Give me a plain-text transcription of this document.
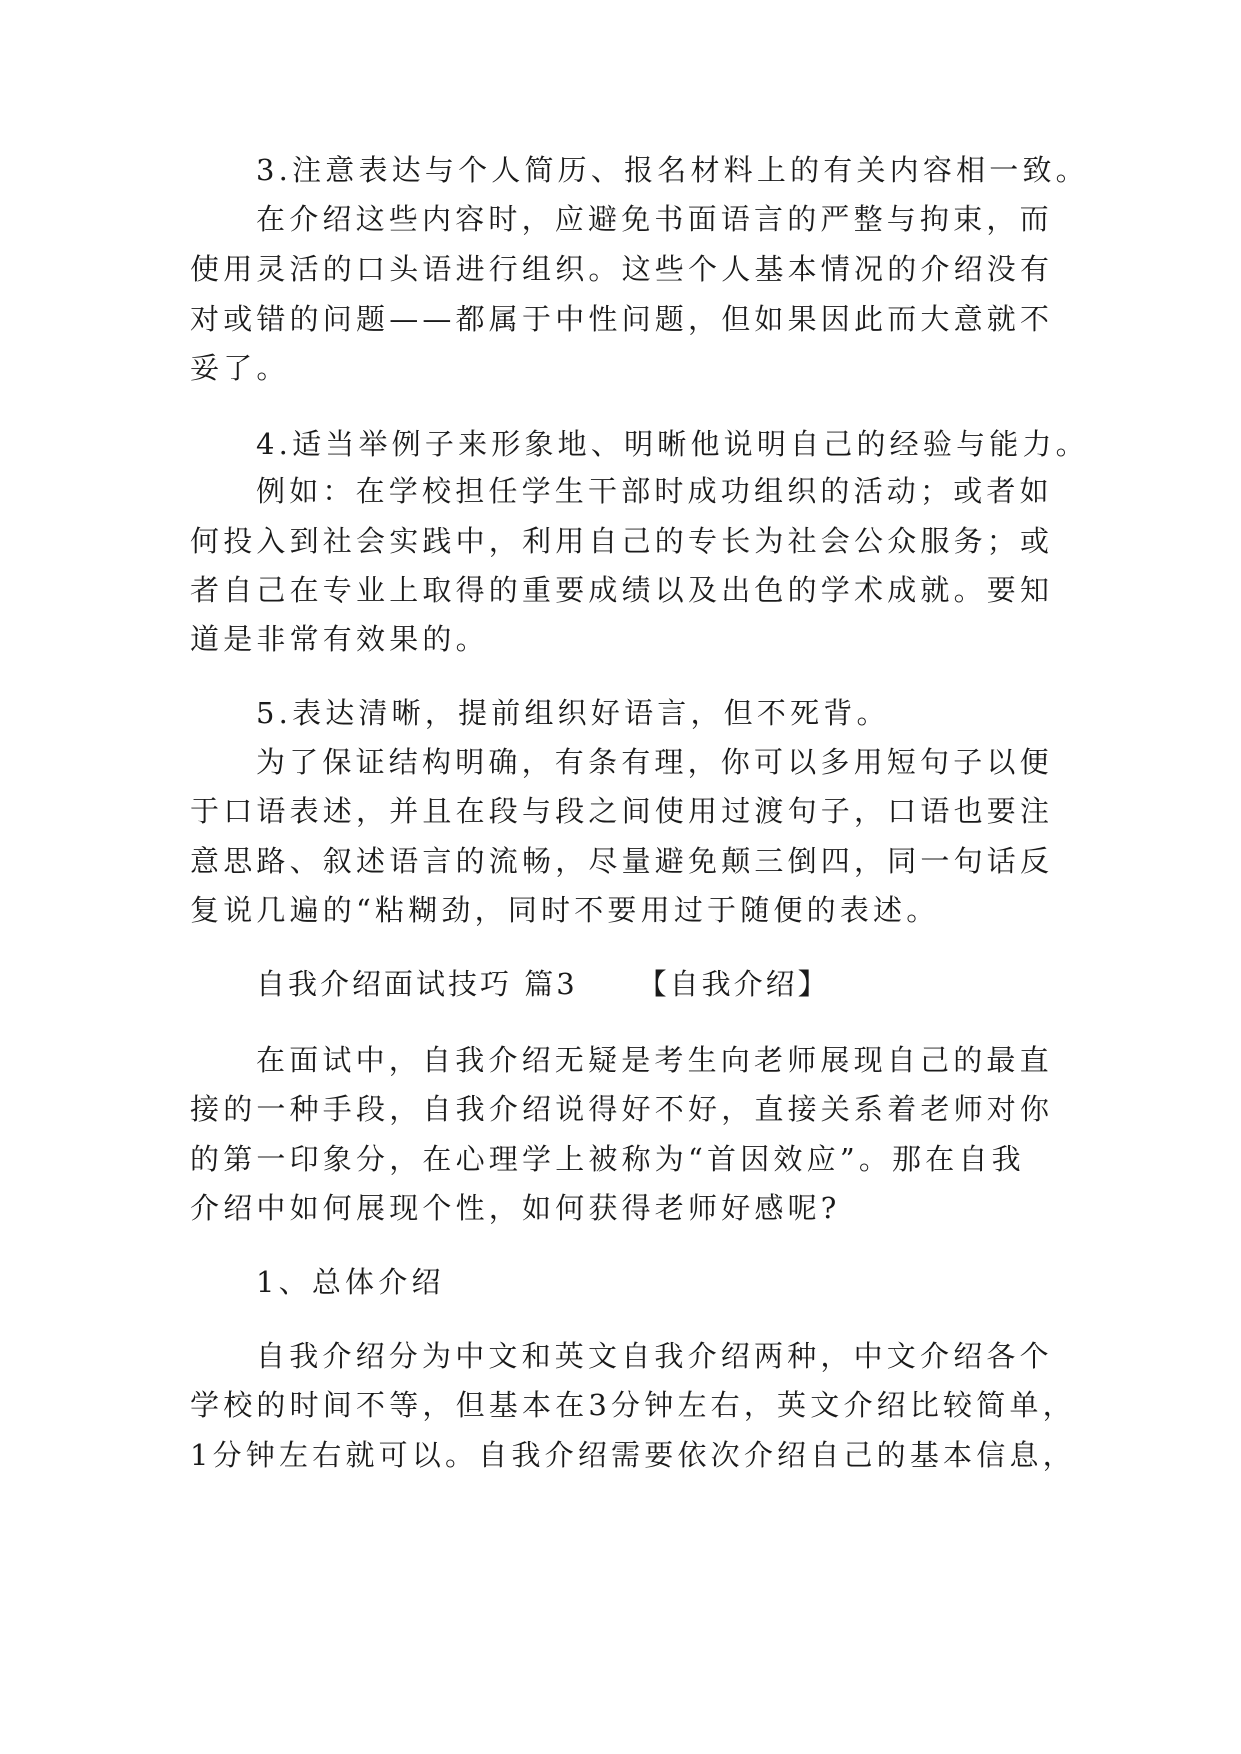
3.注意表达与个人简历、报名材料上的有关内容相一致。
在介绍这些内容时，应避免书面语言的严整与拘束，而
使用灵活的口头语进行组织。这些个人基本情况的介绍没有
对或错的问题——都属于中性问题，但如果因此而大意就不
妥了。
4.适当举例子来形象地、明晰他说明自己的经验与能力。
例如：在学校担任学生干部时成功组织的活动；或者如
何投入到社会实践中，利用自己的专长为社会公众服务；或
者自己在专业上取得的重要成绩以及出色的学术成就。要知
道是非常有效果的。
5.表达清晰，提前组织好语言，但不死背。
为了保证结构明确，有条有理，你可以多用短句子以便
于口语表述，并且在段与段之间使用过渡句子，口语也要注
意思路、叙述语言的流畅，尽量避免颠三倒四，同一句话反
复说几遍的“粘糊劲，同时不要用过于随便的表述。
自我介绍面试技巧 篇3 【自我介绍】
在面试中，自我介绍无疑是考生向老师展现自己的最直
接的一种手段，自我介绍说得好不好，直接关系着老师对你
的第一印象分，在心理学上被称为“首因效应”。那在自我
介绍中如何展现个性，如何获得老师好感呢?
1、总体介绍
自我介绍分为中文和英文自我介绍两种，中文介绍各个
学校的时间不等，但基本在3分钟左右，英文介绍比较简单，
1分钟左右就可以。自我介绍需要依次介绍自己的基本信息，
